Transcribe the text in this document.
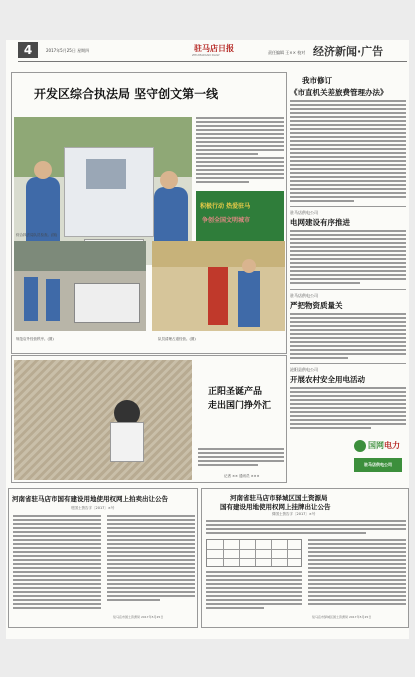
4	2017年5月25日 星期四	驻马店日报
ZHUMADIAN DAILY	责任编辑 王×× 校对 经济新闻·广告
开发区综合执法局 坚守创文第一线
积极行动 热爱驻马
争创全国文明城市
综合执法局队员检查。(图)
规范店外经营秩序。(图)	队员清理占道经营。(图)
我市修订
《市直机关差旅费管理办法》
驻马店供电公司
电网建设有序推进
驻马店供电公司
严把物资质量关
泌阳县供电公司
开展农村安全用电活动
国网电力
驻马店供电公司
正阳圣诞产品
走出国门挣外汇
记者 ×× 通讯员 ×××
河南省驻马店市国有建设用地使用权网上拍卖出让公告
驻国土资告字〔2017〕×号
驻马店市国土资源局 2017年5月25日
河南省驻马店市驿城区国土资源局
国有建设用地使用权网上挂牌出让公告
驿国土资告字〔2017〕×号
驻马店市驿城区国土资源局 2017年5月25日
